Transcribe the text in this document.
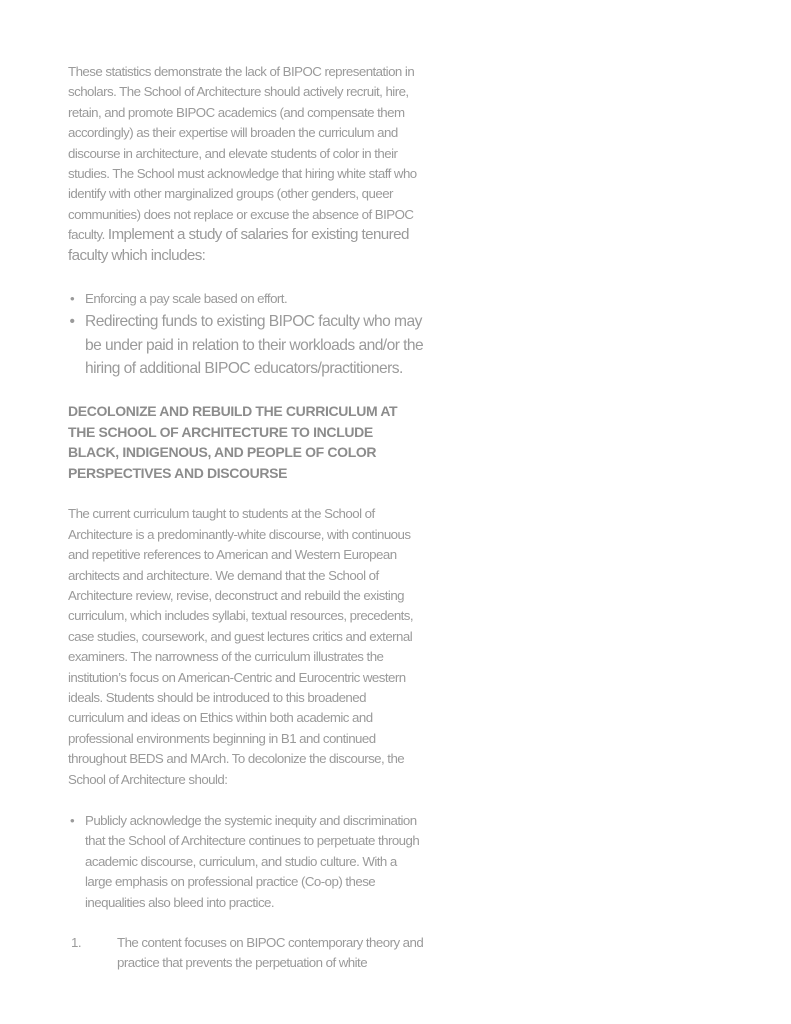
These statistics demonstrate the lack of BIPOC representation in scholars. The School of Architecture should actively recruit, hire, retain, and promote BIPOC academics (and compensate them accordingly) as their expertise will broaden the curriculum and discourse in architecture, and elevate students of color in their studies. The School must acknowledge that hiring white staff who identify with other marginalized groups (other genders, queer communities) does not replace or excuse the absence of BIPOC faculty. Implement a study of salaries for existing tenured faculty which includes:

• Enforcing a pay scale based on effort.
• Redirecting funds to existing BIPOC faculty who may be under paid in relation to their workloads and/or the hiring of additional BIPOC educators/practitioners.
DECOLONIZE AND REBUILD THE CURRICULUM AT THE SCHOOL OF ARCHITECTURE TO INCLUDE BLACK, INDIGENOUS, AND PEOPLE OF COLOR PERSPECTIVES AND DISCOURSE

The current curriculum taught to students at the School of Architecture is a predominantly-white discourse, with continuous and repetitive references to American and Western European architects and architecture. We demand that the School of Architecture review, revise, deconstruct and rebuild the existing curriculum, which includes syllabi, textual resources, precedents, case studies, coursework, and guest lectures critics and external examiners. The narrowness of the curriculum illustrates the institution’s focus on American-Centric and Eurocentric western ideals. Students should be introduced to this broadened curriculum and ideas on Ethics within both academic and professional environments beginning in B1 and continued throughout BEDS and MArch. To decolonize the discourse, the School of Architecture should:

• Publicly acknowledge the systemic inequity and discrimination that the School of Architecture continues to perpetuate through academic discourse, curriculum, and studio culture. With a large emphasis on professional practice (Co-op) these inequalities also bleed into practice.

1.	The content focuses on BIPOC contemporary theory and practice that prevents the perpetuation of white
